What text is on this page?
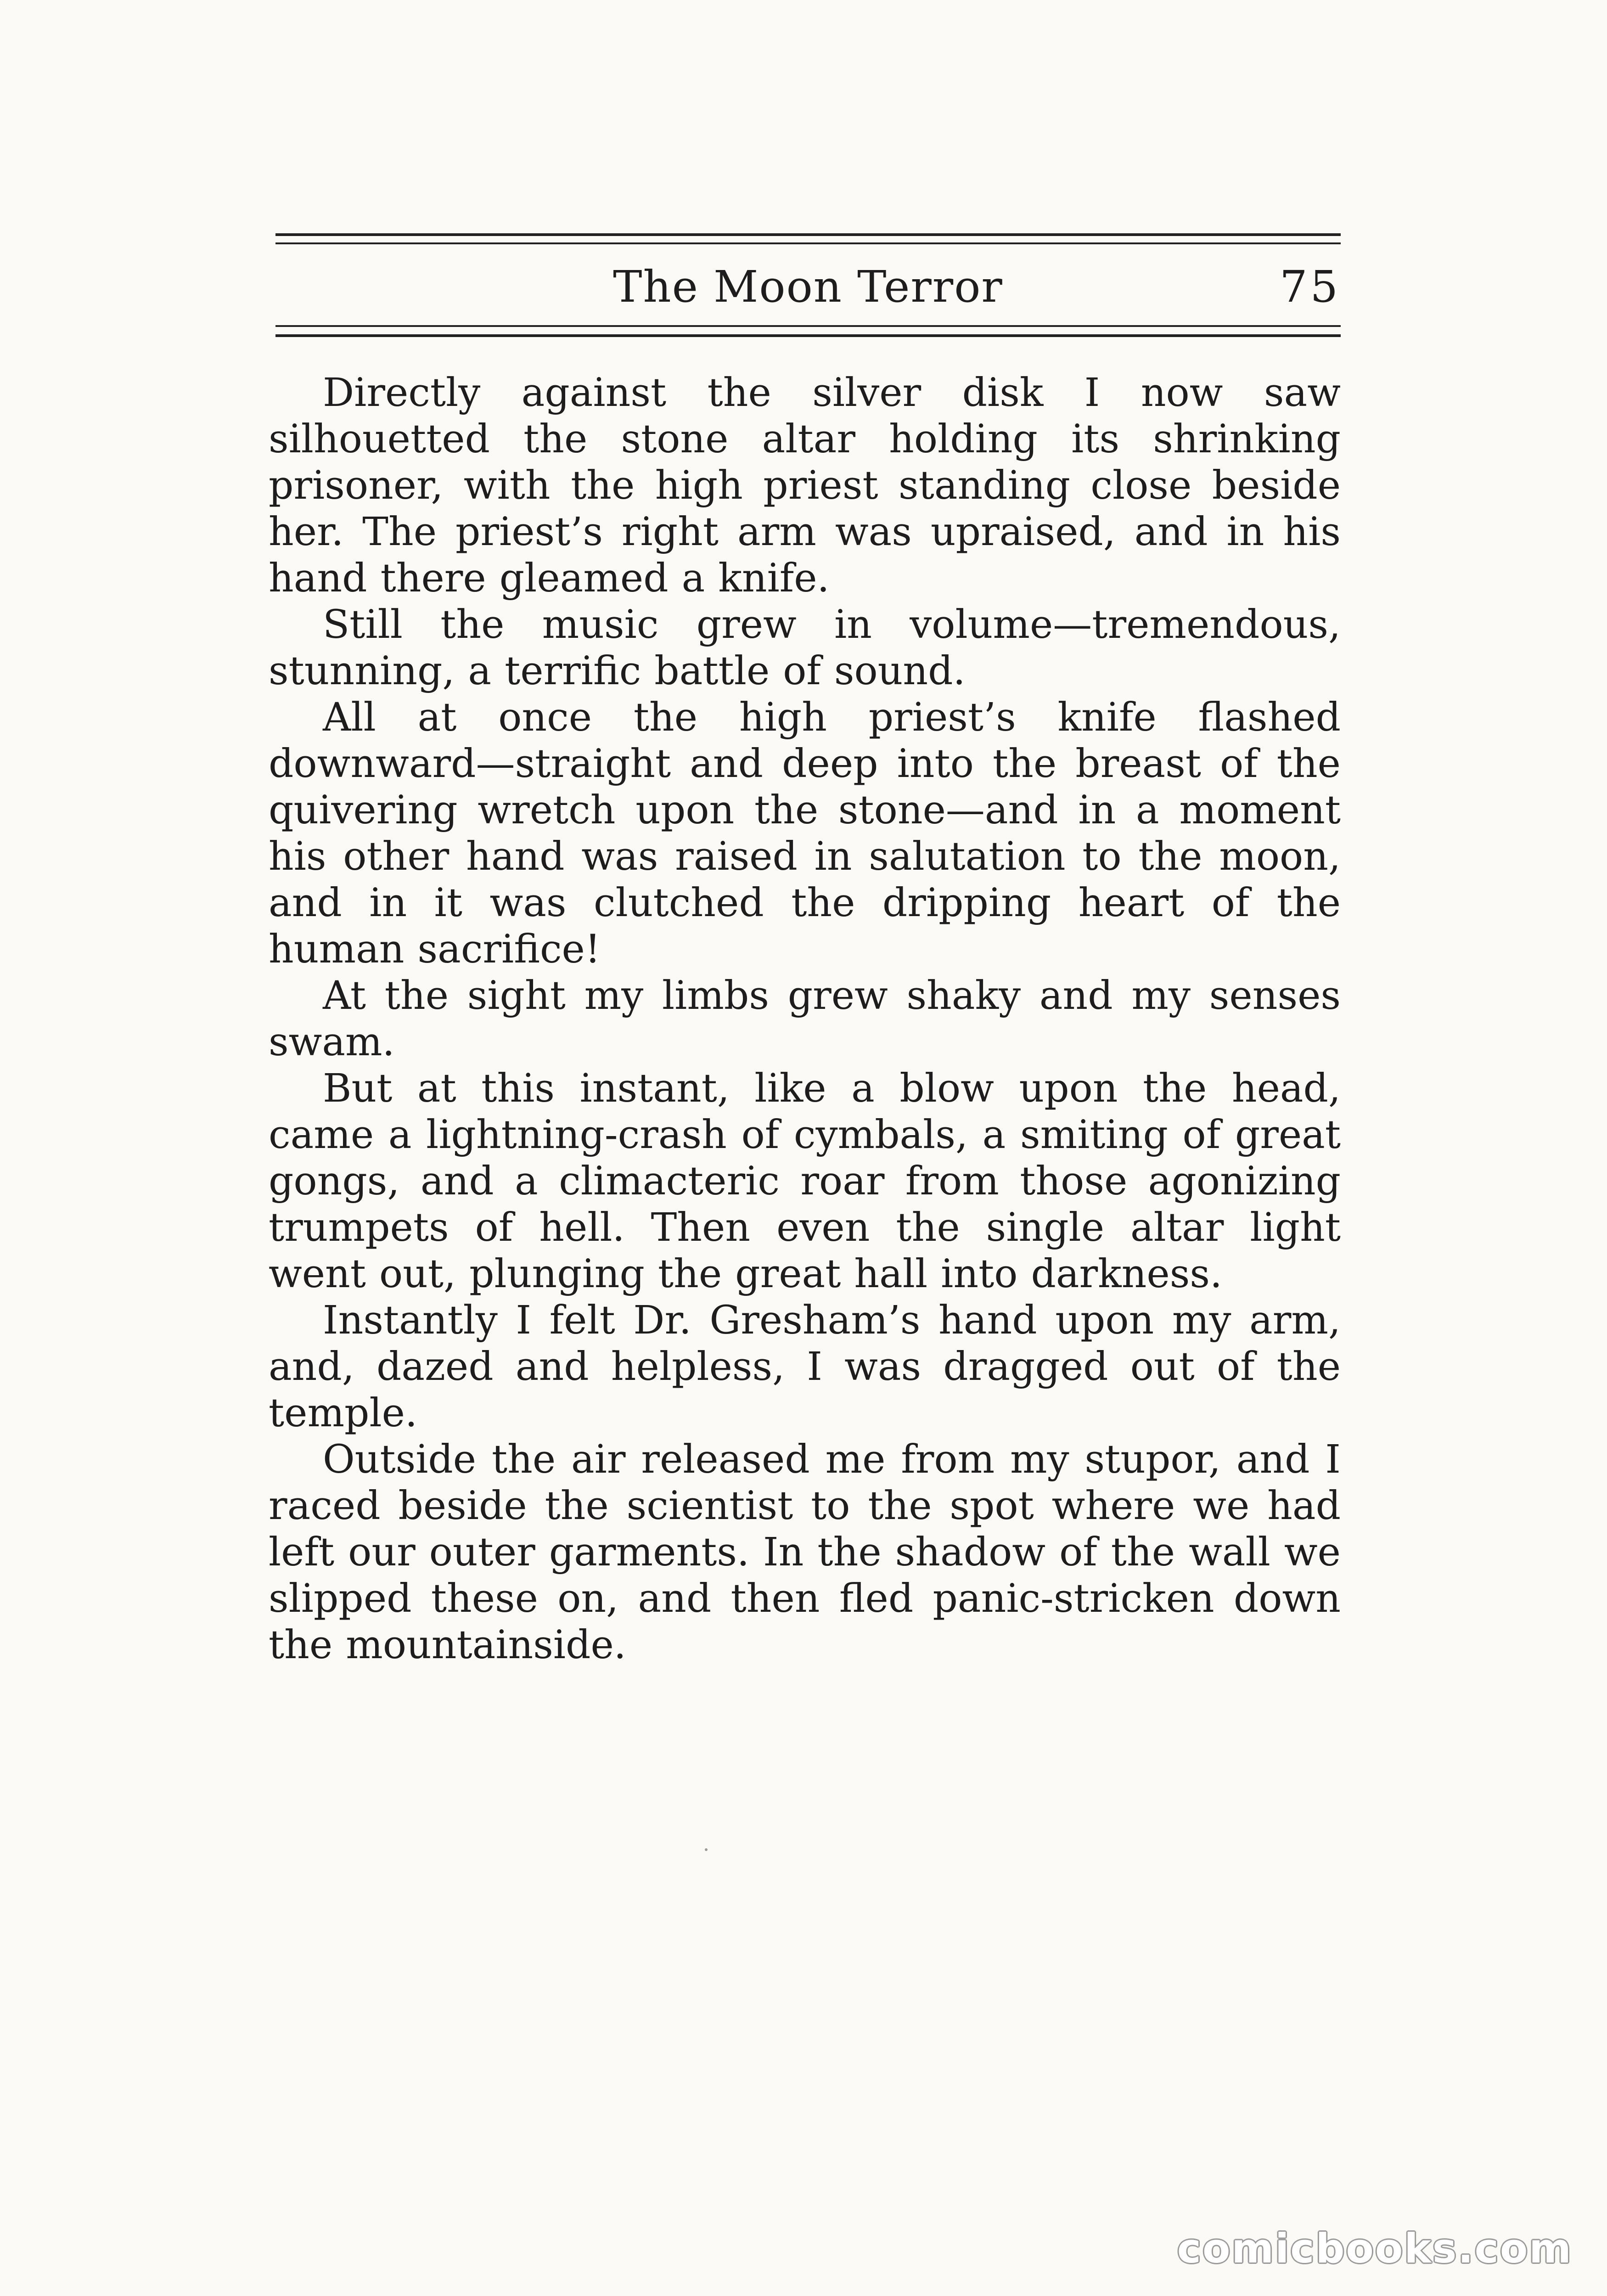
The Moon Terror	75

Directly against the silver disk I now saw silhouetted the stone altar holding its shrinking prisoner, with the high priest standing close beside her. The priest’s right arm was upraised, and in his hand there gleamed a knife.

Still the music grew in volume—tremendous, stunning, a terrific battle of sound.

All at once the high priest’s knife flashed downward—straight and deep into the breast of the quivering wretch upon the stone—and in a moment his other hand was raised in salutation to the moon, and in it was clutched the dripping heart of the human sacrifice!

At the sight my limbs grew shaky and my senses swam.

But at this instant, like a blow upon the head, came a lightning-crash of cymbals, a smiting of great gongs, and a climacteric roar from those agonizing trumpets of hell. Then even the single altar light went out, plunging the great hall into darkness.

Instantly I felt Dr. Gresham’s hand upon my arm, and, dazed and helpless, I was dragged out of the temple.

Outside the air released me from my stupor, and I raced beside the scientist to the spot where we had left our outer garments. In the shadow of the wall we slipped these on, and then fled panic-stricken down the mountainside.

comicbooks.com
